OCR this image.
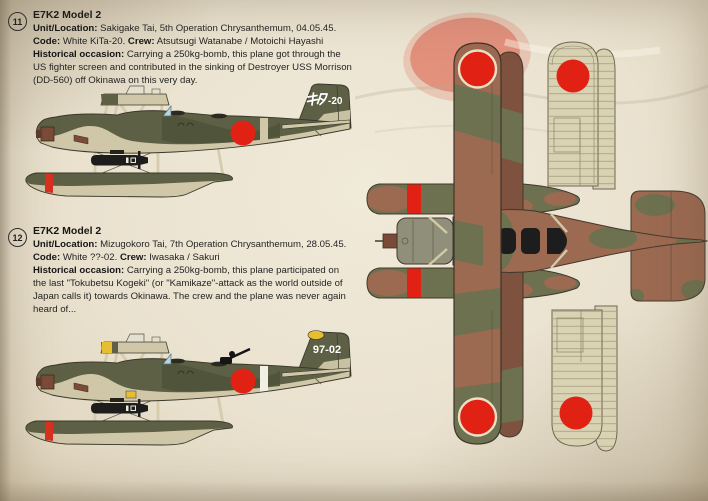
11
E7K2 Model 2

Unit/Location: Sakigake Tai, 5th Operation Chrysanthemum, 04.05.45.
Code: White KiTa-20. Crew: Atsutsugi Watanabe / Motoichi Hayashi
Historical occasion: Carrying a 250kg-bomb, this plane got through the US fighter screen and contributed in the sinking of Destroyer USS Morrison (DD-560) off Okinawa on this very day.

12
E7K2 Model 2

Unit/Location: Mizugokoro Tai, 7th Operation Chrysanthemum, 28.05.45.
Code: White ??-02. Crew: Iwasaka / Sakuri
Historical occasion: Carrying a 250kg-bomb, this plane participated on the last "Tokubetsu Kogeki" (or "Kamikaze"-attack as the world outside of Japan calls it) towards Okinawa. The crew and the plane was never again heard of...

-20
97-02
